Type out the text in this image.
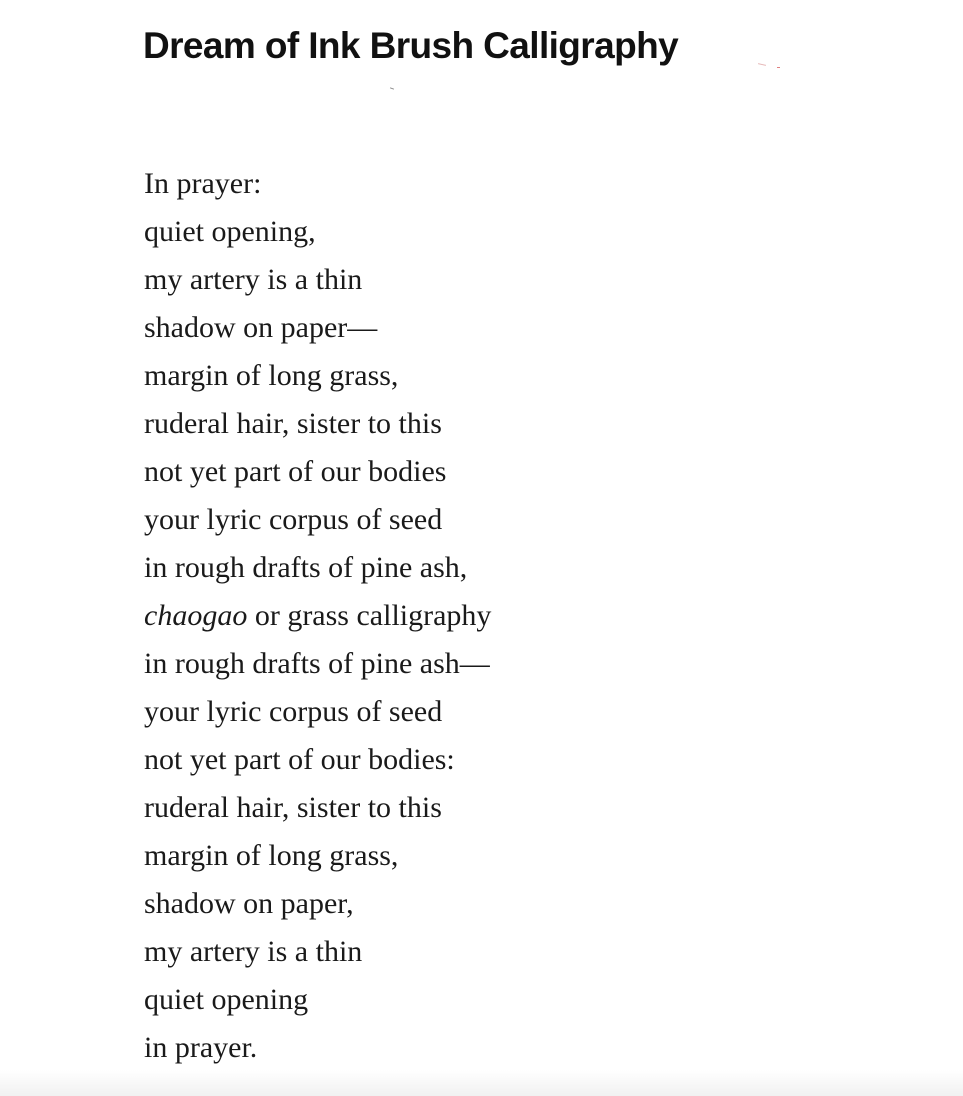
Dream of Ink Brush Calligraphy
In prayer:
quiet opening,
my artery is a thin
shadow on paper—
margin of long grass,
ruderal hair, sister to this
not yet part of our bodies
your lyric corpus of seed
in rough drafts of pine ash,
chaogao or grass calligraphy
in rough drafts of pine ash—
your lyric corpus of seed
not yet part of our bodies:
ruderal hair, sister to this
margin of long grass,
shadow on paper,
my artery is a thin
quiet opening
in prayer.
